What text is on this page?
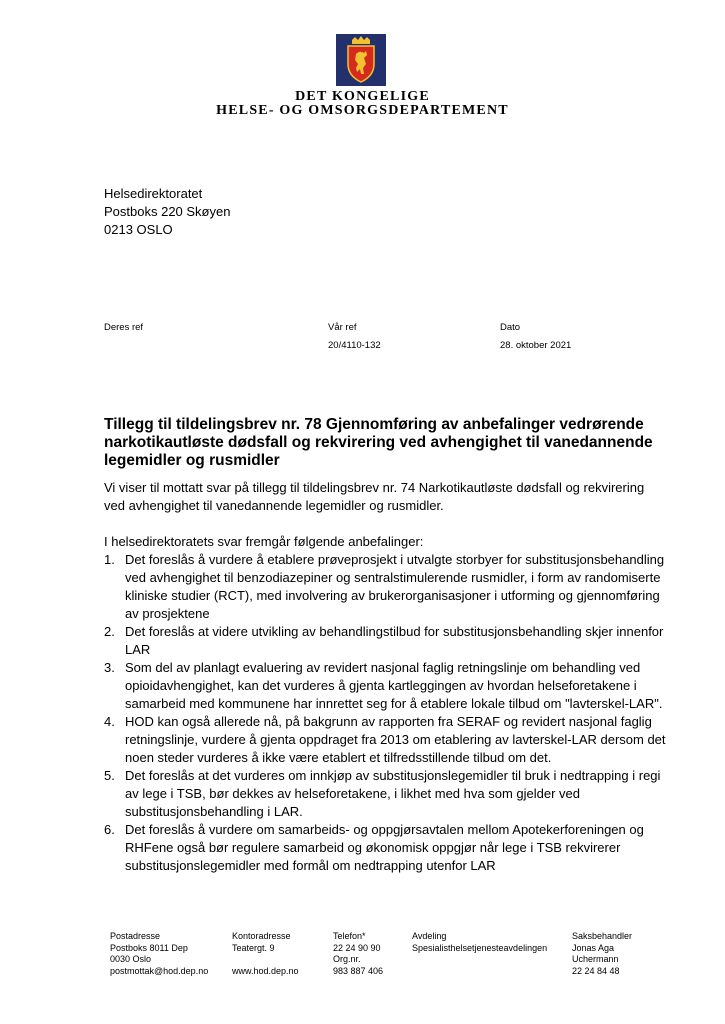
DET KONGELIGE
HELSE- OG OMSORGSDEPARTEMENT
Helsedirektoratet
Postboks 220 Skøyen
0213 OSLO
Deres ref	Vår ref
20/4110-132
Dato
28. oktober 2021
Tillegg til tildelingsbrev nr. 78 Gjennomføring av anbefalinger vedrørende narkotikautløste dødsfall og rekvirering ved avhengighet til vanedannende legemidler og rusmidler
Vi viser til mottatt svar på tillegg til tildelingsbrev nr. 74 Narkotikautløste dødsfall og rekvirering ved avhengighet til vanedannende legemidler og rusmidler.
I helsedirektoratets svar fremgår følgende anbefalinger:
1. Det foreslås å vurdere å etablere prøveprosjekt i utvalgte storbyer for substitusjonsbehandling ved avhengighet til benzodiazepiner og sentralstimulerende rusmidler, i form av randomiserte kliniske studier (RCT), med involvering av brukerorganisasjoner i utforming og gjennomføring av prosjektene
2. Det foreslås at videre utvikling av behandlingstilbud for substitusjonsbehandling skjer innenfor LAR
3. Som del av planlagt evaluering av revidert nasjonal faglig retningslinje om behandling ved opioidavhengighet, kan det vurderes å gjenta kartleggingen av hvordan helseforetakene i samarbeid med kommunene har innrettet seg for å etablere lokale tilbud om "lavterskel-LAR".
4. HOD kan også allerede nå, på bakgrunn av rapporten fra SERAF og revidert nasjonal faglig retningslinje, vurdere å gjenta oppdraget fra 2013 om etablering av lavterskel-LAR dersom det noen steder vurderes å ikke være etablert et tilfredsstillende tilbud om det.
5. Det foreslås at det vurderes om innkjøp av substitusjonslegemidler til bruk i nedtrapping i regi av lege i TSB, bør dekkes av helseforetakene, i likhet med hva som gjelder ved substitusjonsbehandling i LAR.
6. Det foreslås å vurdere om samarbeids- og oppgjørsavtalen mellom Apotekerforeningen og RHFene også bør regulere samarbeid og økonomisk oppgjør når lege i TSB rekvirerer substitusjonslegemidler med formål om nedtrapping utenfor LAR
Postadresse
Postboks 8011 Dep
0030 Oslo
postmottak@hod.dep.no
Kontoradresse
Teatergt. 9
www.hod.dep.no
Telefon*
22 24 90 90
Org.nr.
983 887 406
Avdeling
Spesialisthelsetjenesteavdelingen
Saksbehandler
Jonas Aga
Uchermann
22 24 84 48
